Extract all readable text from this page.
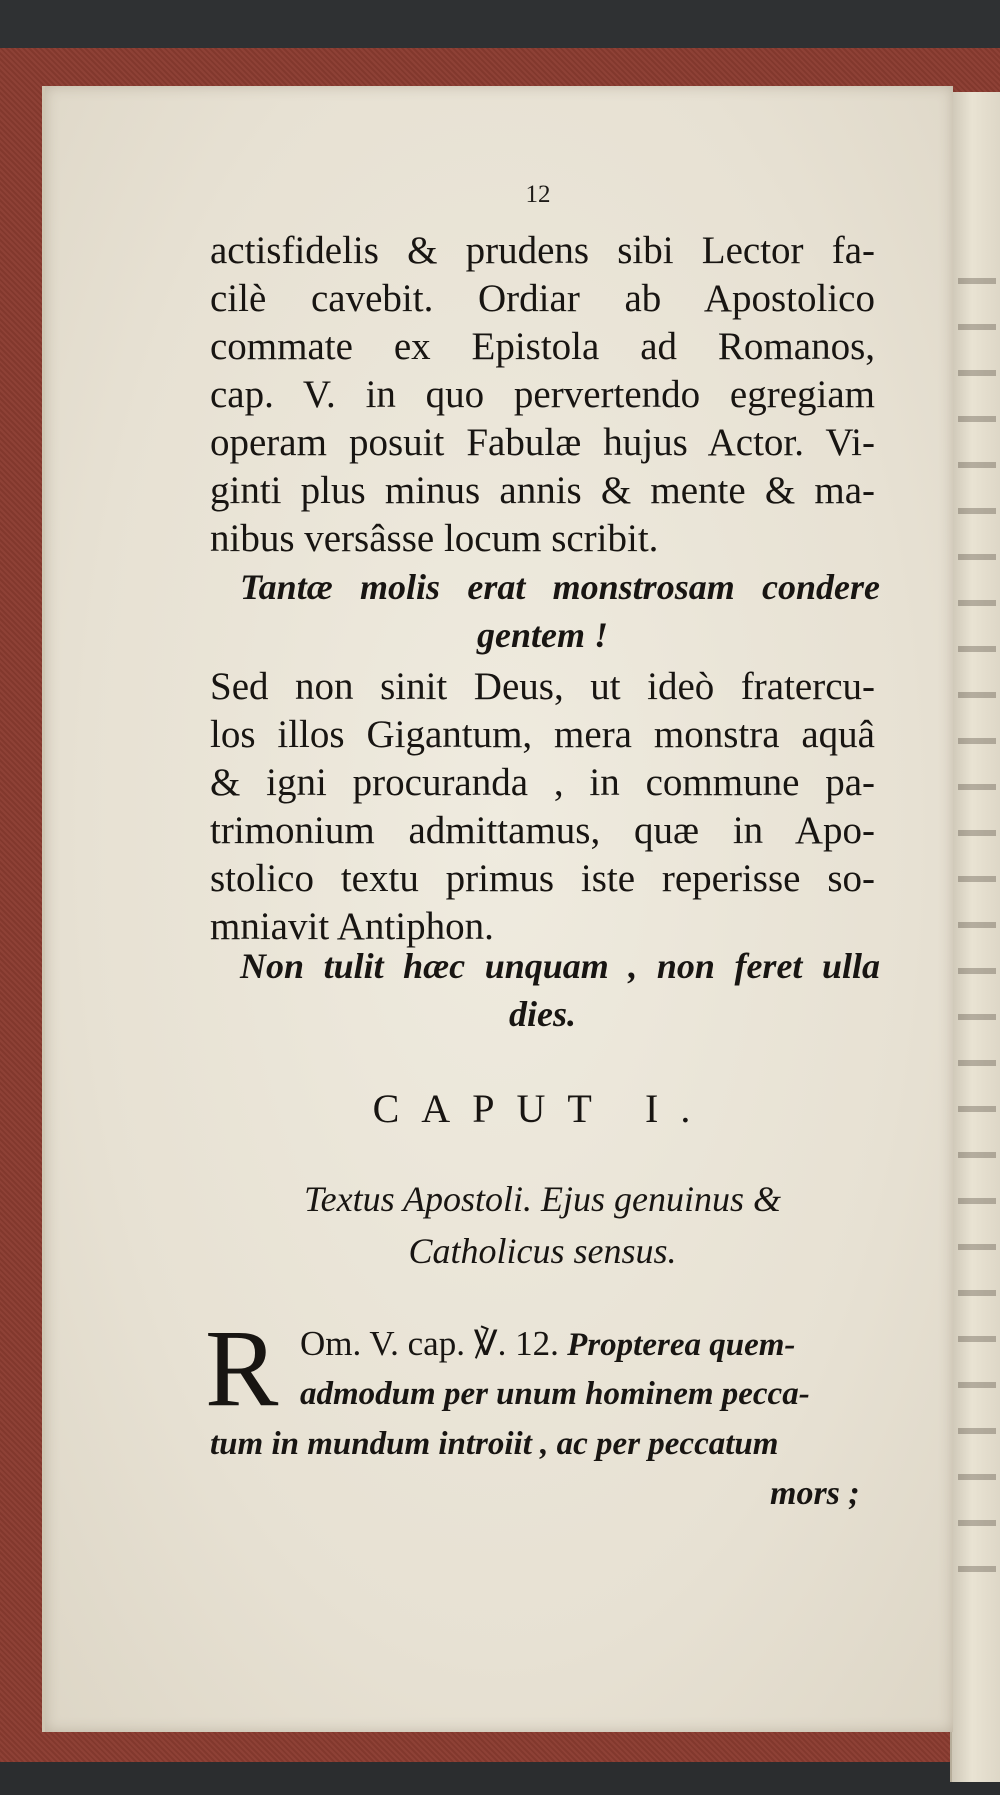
12
actisfidelis & prudens sibi Lector fa-
cilè cavebit. Ordiar ab Apostolico
commate ex Epistola ad Romanos,
cap. V. in quo pervertendo egregiam
operam posuit Fabulæ hujus Actor. Vi-
ginti plus minus annis & mente & ma-
nibus versâsse locum scribit.
Tantæ molis erat monstrosam condere
gentem !
Sed non sinit Deus, ut ideò fratercu-
los illos Gigantum, mera monstra aquâ
& igni procuranda , in commune pa-
trimonium admittamus, quæ in Apo-
stolico textu primus iste reperisse so-
mniavit Antiphon.
Non tulit hæc unquam , non feret ulla
dies.
CAPUT I.
Textus Apostoli. Ejus genuinus &
Catholicus sensus.
R Om. V. cap. ℣. 12. Propterea quem-
admodum per unum hominem pecca-
tum in mundum introiit , ac per peccatum
mors ;
